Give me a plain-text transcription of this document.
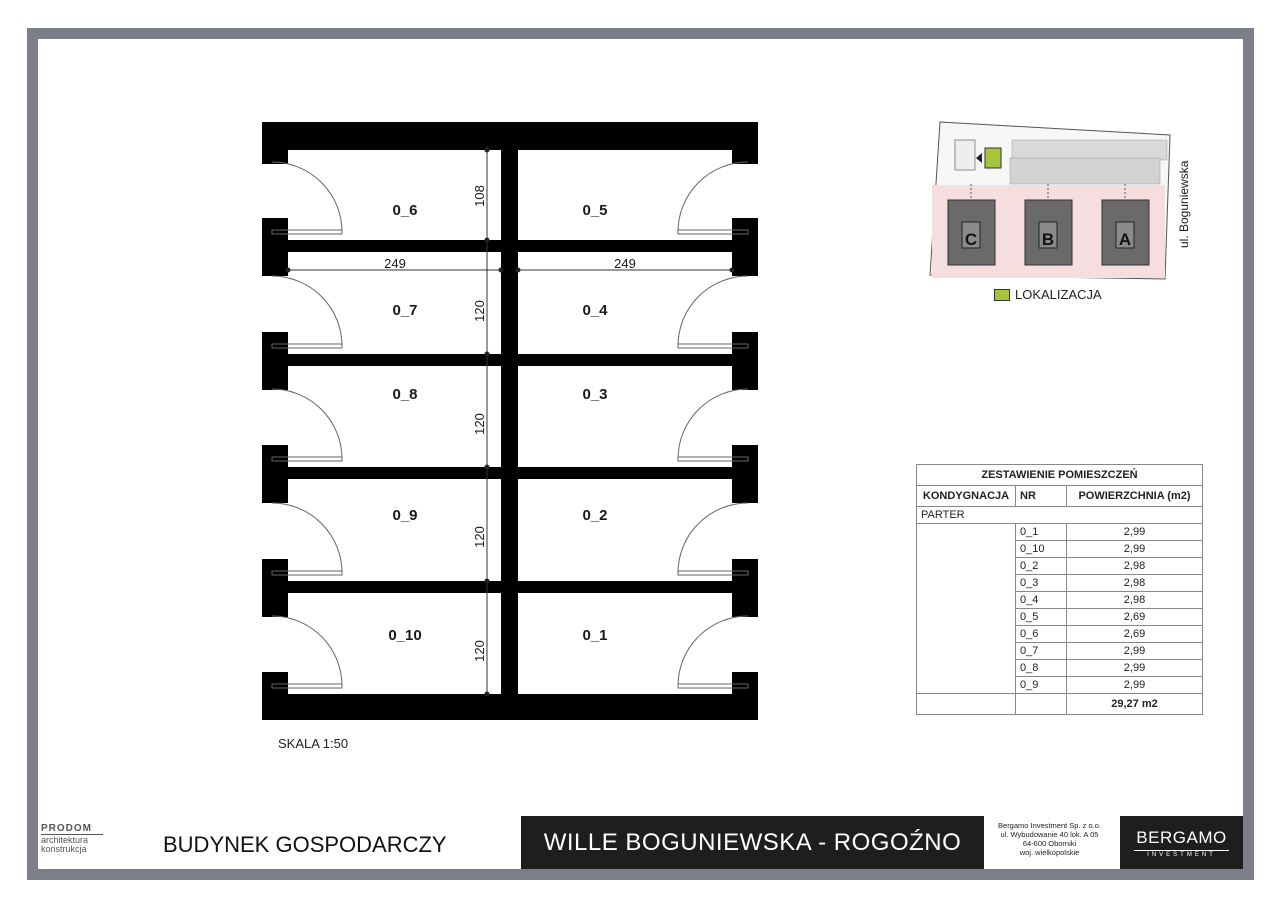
108
120
120
120
120
249	249
0_6	0_5
0_7	0_4
0_8	0_3
0_9	0_2
0_10	0_1
SKALA 1:50
C	B	A	ul. Boguniewska
LOKALIZACJA
ZESTAWIENIE POMIESZCZEŃ		
KONDYGNACJA	NR	POWIERZCHNIA (m2)
PARTER		
	0_1	2,99
	0_10	2,99
	0_2	2,98
	0_3	2,98
	0_4	2,98
	0_5	2,69
	0_6	2,69
	0_7	2,99
	0_8	2,99
	0_9	2,99
		29,27 m2
PRODOM
architektura
konstrukcja	BUDYNEK GOSPODARCZY	WILLE BOGUNIEWSKA - ROGOŹNO
Bergamo Investment Sp. z o.o.
ul. Wybudowanie 40 lok. A 05
64-600 Oborniki
woj. wielkopolskie
BERGAMO
INVESTMENT
